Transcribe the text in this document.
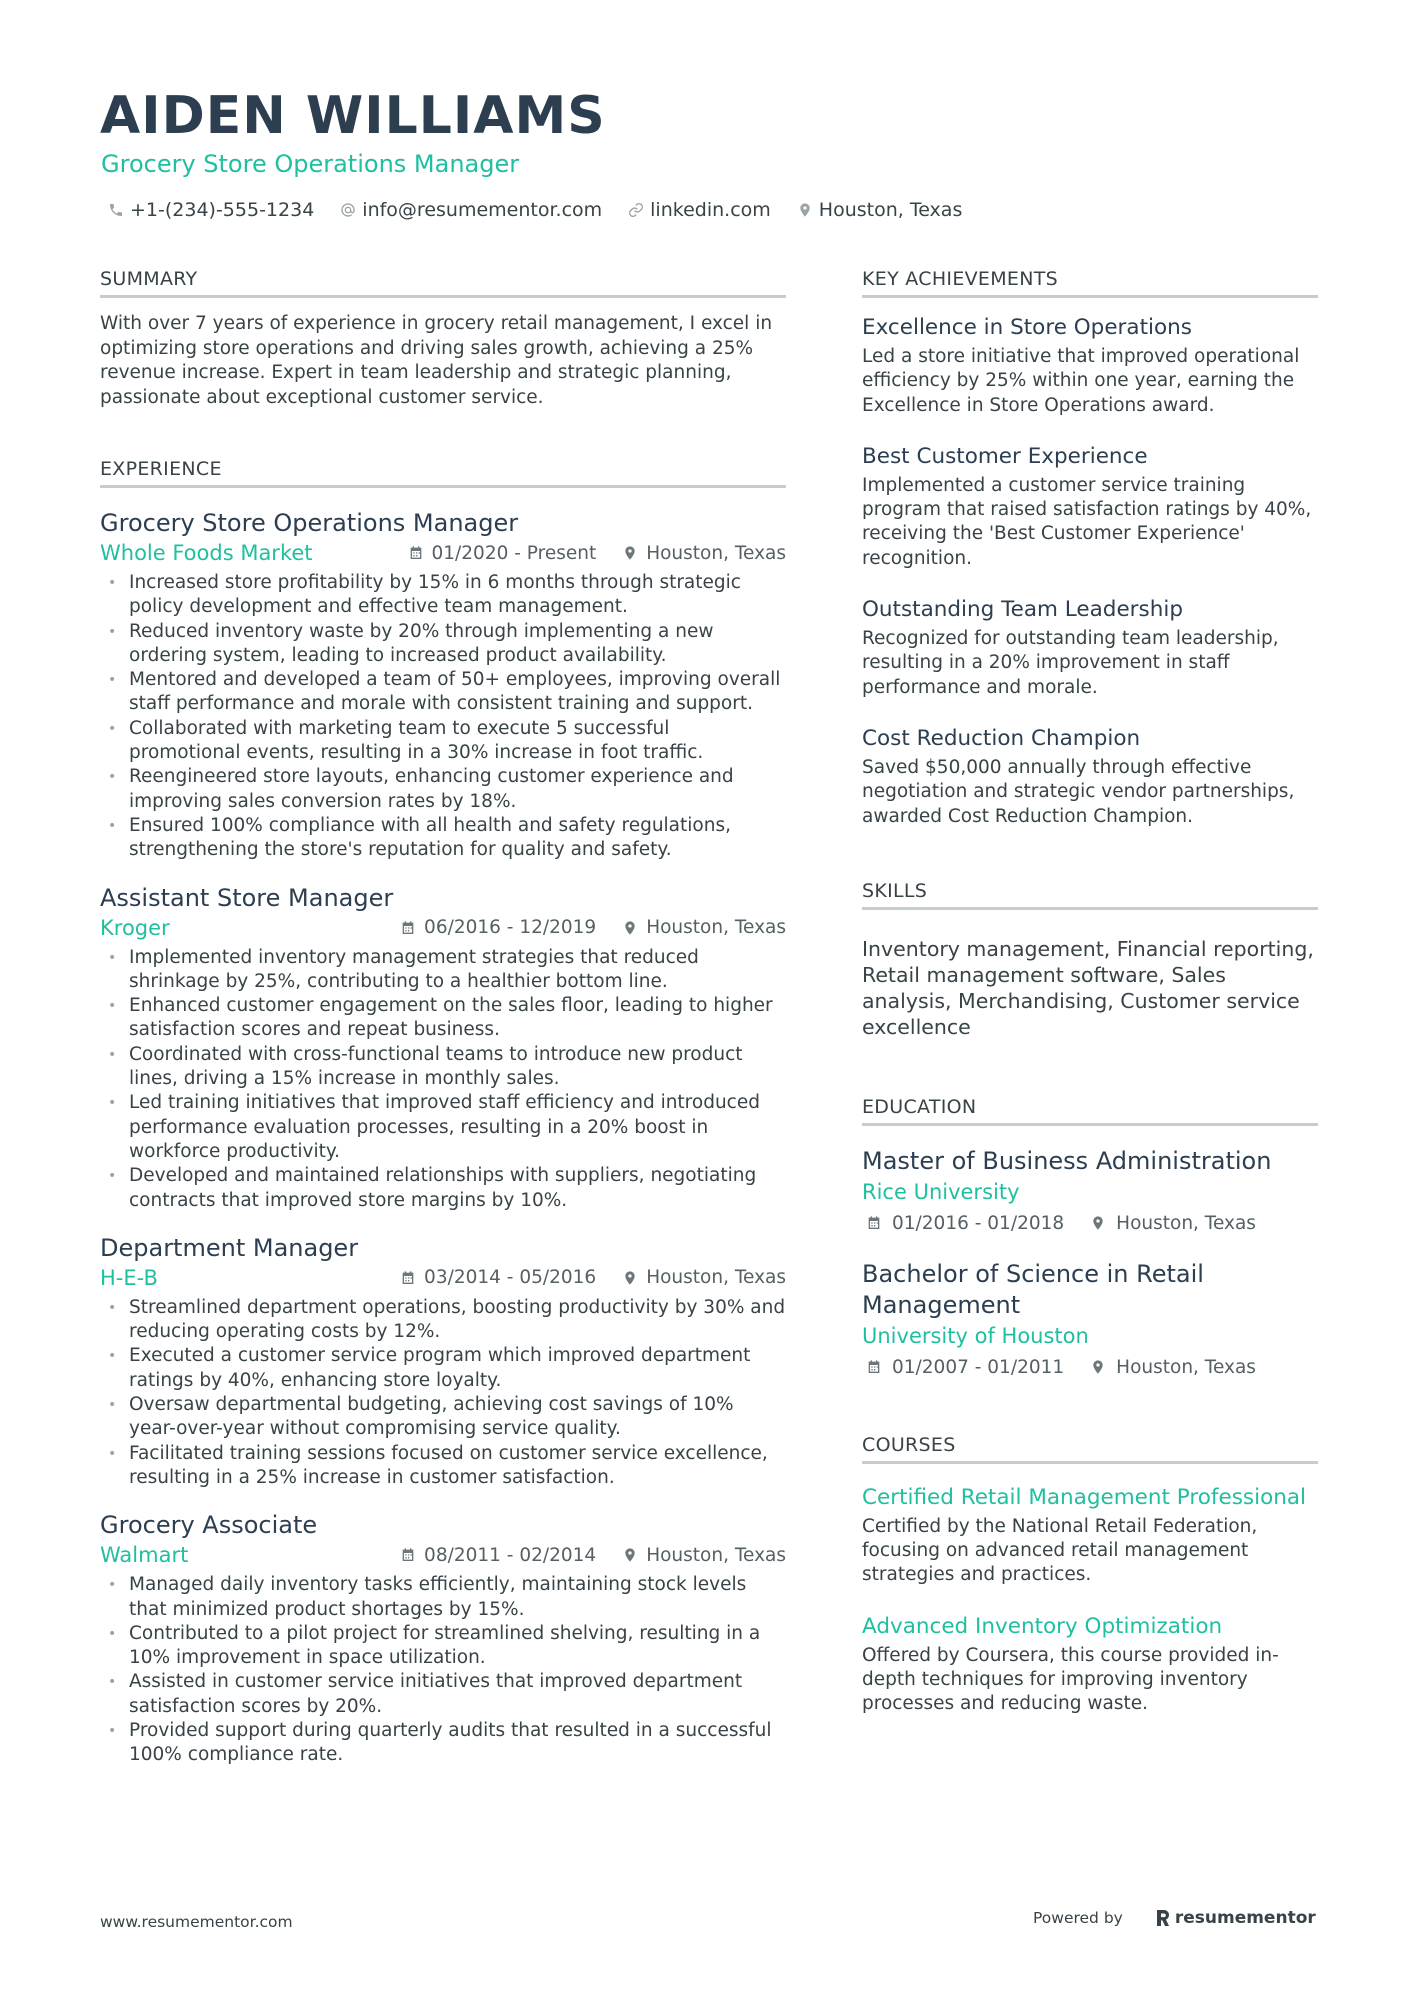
AIDEN WILLIAMS
Grocery Store Operations Manager
+1-(234)-555-1234	info@resumementor.com	linkedin.com	Houston, Texas
SUMMARY

With over 7 years of experience in grocery retail management, I excel in optimizing store operations and driving sales growth, achieving a 25% revenue increase. Expert in team leadership and strategic planning, passionate about exceptional customer service.

EXPERIENCE
Grocery Store Operations Manager
Whole Foods Market	01/2020 - Present	Houston, Texas
• Increased store profitability by 15% in 6 months through strategic policy development and effective team management.
• Reduced inventory waste by 20% through implementing a new ordering system, leading to increased product availability.
• Mentored and developed a team of 50+ employees, improving overall staff performance and morale with consistent training and support.
• Collaborated with marketing team to execute 5 successful promotional events, resulting in a 30% increase in foot traffic.
• Reengineered store layouts, enhancing customer experience and improving sales conversion rates by 18%.
• Ensured 100% compliance with all health and safety regulations, strengthening the store's reputation for quality and safety.
Assistant Store Manager
Kroger	06/2016 - 12/2019	Houston, Texas
• Implemented inventory management strategies that reduced shrinkage by 25%, contributing to a healthier bottom line.
• Enhanced customer engagement on the sales floor, leading to higher satisfaction scores and repeat business.
• Coordinated with cross-functional teams to introduce new product lines, driving a 15% increase in monthly sales.
• Led training initiatives that improved staff efficiency and introduced performance evaluation processes, resulting in a 20% boost in workforce productivity.
• Developed and maintained relationships with suppliers, negotiating contracts that improved store margins by 10%.
Department Manager
H-E-B	03/2014 - 05/2016	Houston, Texas
• Streamlined department operations, boosting productivity by 30% and reducing operating costs by 12%.
• Executed a customer service program which improved department ratings by 40%, enhancing store loyalty.
• Oversaw departmental budgeting, achieving cost savings of 10% year-over-year without compromising service quality.
• Facilitated training sessions focused on customer service excellence, resulting in a 25% increase in customer satisfaction.
Grocery Associate
Walmart	08/2011 - 02/2014	Houston, Texas
• Managed daily inventory tasks efficiently, maintaining stock levels that minimized product shortages by 15%.
• Contributed to a pilot project for streamlined shelving, resulting in a 10% improvement in space utilization.
• Assisted in customer service initiatives that improved department satisfaction scores by 20%.
• Provided support during quarterly audits that resulted in a successful 100% compliance rate.
KEY ACHIEVEMENTS
Excellence in Store Operations
Led a store initiative that improved operational efficiency by 25% within one year, earning the Excellence in Store Operations award.
Best Customer Experience
Implemented a customer service training program that raised satisfaction ratings by 40%, receiving the 'Best Customer Experience' recognition.
Outstanding Team Leadership
Recognized for outstanding team leadership, resulting in a 20% improvement in staff performance and morale.
Cost Reduction Champion
Saved $50,000 annually through effective negotiation and strategic vendor partnerships, awarded Cost Reduction Champion.
SKILLS
Inventory management, Financial reporting, Retail management software, Sales analysis, Merchandising, Customer service excellence
EDUCATION
Master of Business Administration
Rice University
01/2016 - 01/2018	Houston, Texas
Bachelor of Science in Retail Management
University of Houston
01/2007 - 01/2011	Houston, Texas
COURSES
Certified Retail Management Professional
Certified by the National Retail Federation, focusing on advanced retail management strategies and practices.
Advanced Inventory Optimization
Offered by Coursera, this course provided in-depth techniques for improving inventory processes and reducing waste.
www.resumementor.com	Powered by	resumementor
